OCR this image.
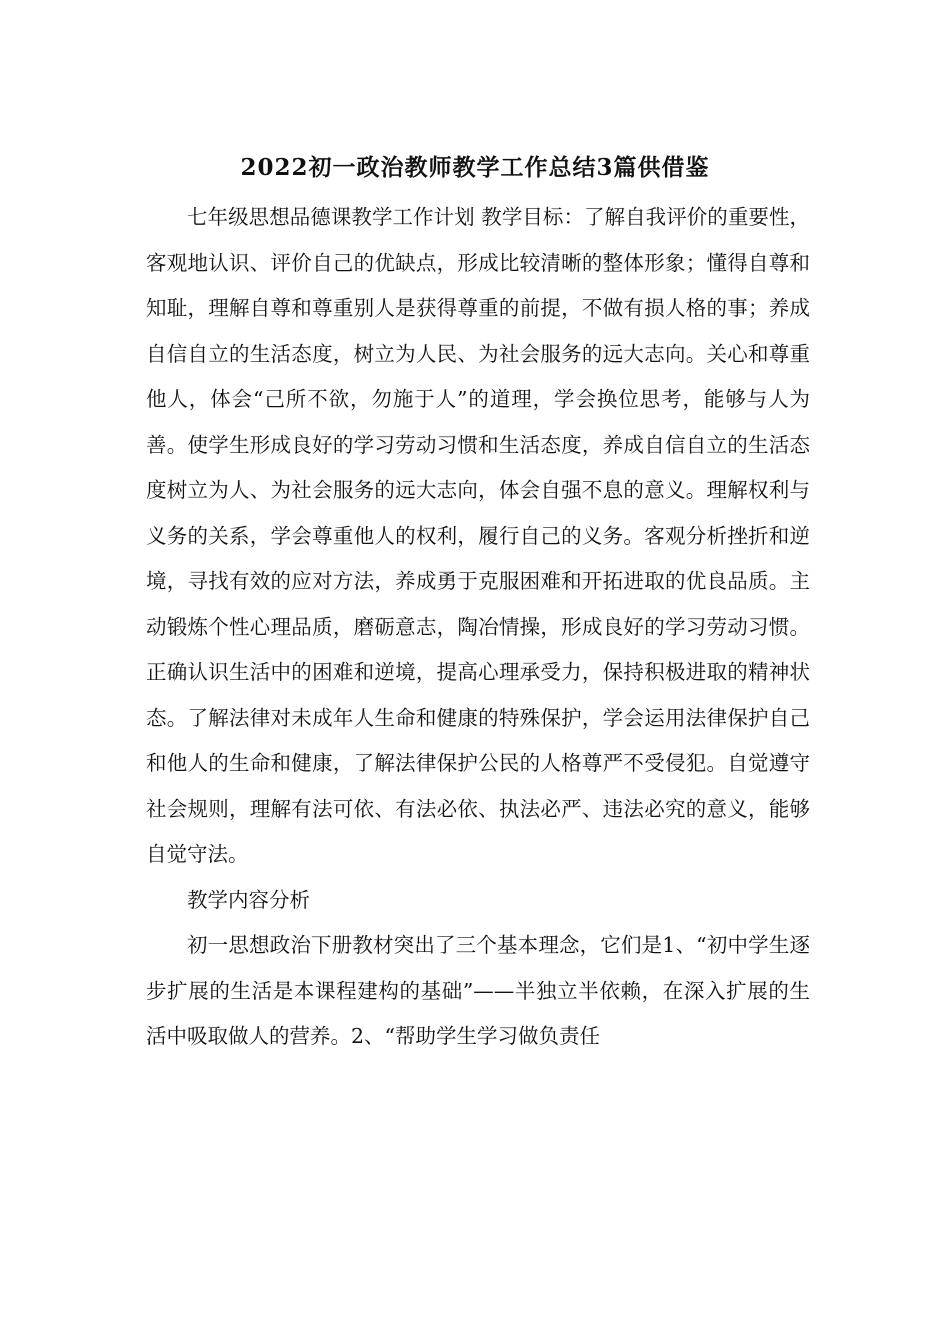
2022初一政治教师教学工作总结3篇供借鉴

七年级思想品德课教学工作计划 教学目标：了解自我评价的重要性，客观地认识、评价自己的优缺点，形成比较清晰的整体形象；懂得自尊和知耻，理解自尊和尊重别人是获得尊重的前提，不做有损人格的事；养成自信自立的生活态度，树立为人民、为社会服务的远大志向。关心和尊重他人，体会“己所不欲，勿施于人”的道理，学会换位思考，能够与人为善。使学生形成良好的学习劳动习惯和生活态度，养成自信自立的生活态度树立为人、为社会服务的远大志向，体会自强不息的意义。理解权利与义务的关系，学会尊重他人的权利，履行自己的义务。客观分析挫折和逆境，寻找有效的应对方法，养成勇于克服困难和开拓进取的优良品质。主动锻炼个性心理品质，磨砺意志，陶冶情操，形成良好的学习劳动习惯。正确认识生活中的困难和逆境，提高心理承受力，保持积极进取的精神状态。了解法律对未成年人生命和健康的特殊保护，学会运用法律保护自己和他人的生命和健康，了解法律保护公民的人格尊严不受侵犯。自觉遵守社会规则，理解有法可依、有法必依、执法必严、违法必究的意义，能够自觉守法。

教学内容分析

初一思想政治下册教材突出了三个基本理念，它们是1、“初中学生逐步扩展的生活是本课程建构的基础”——半独立半依赖，在深入扩展的生活中吸取做人的营养。2、“帮助学生学习做负责任
